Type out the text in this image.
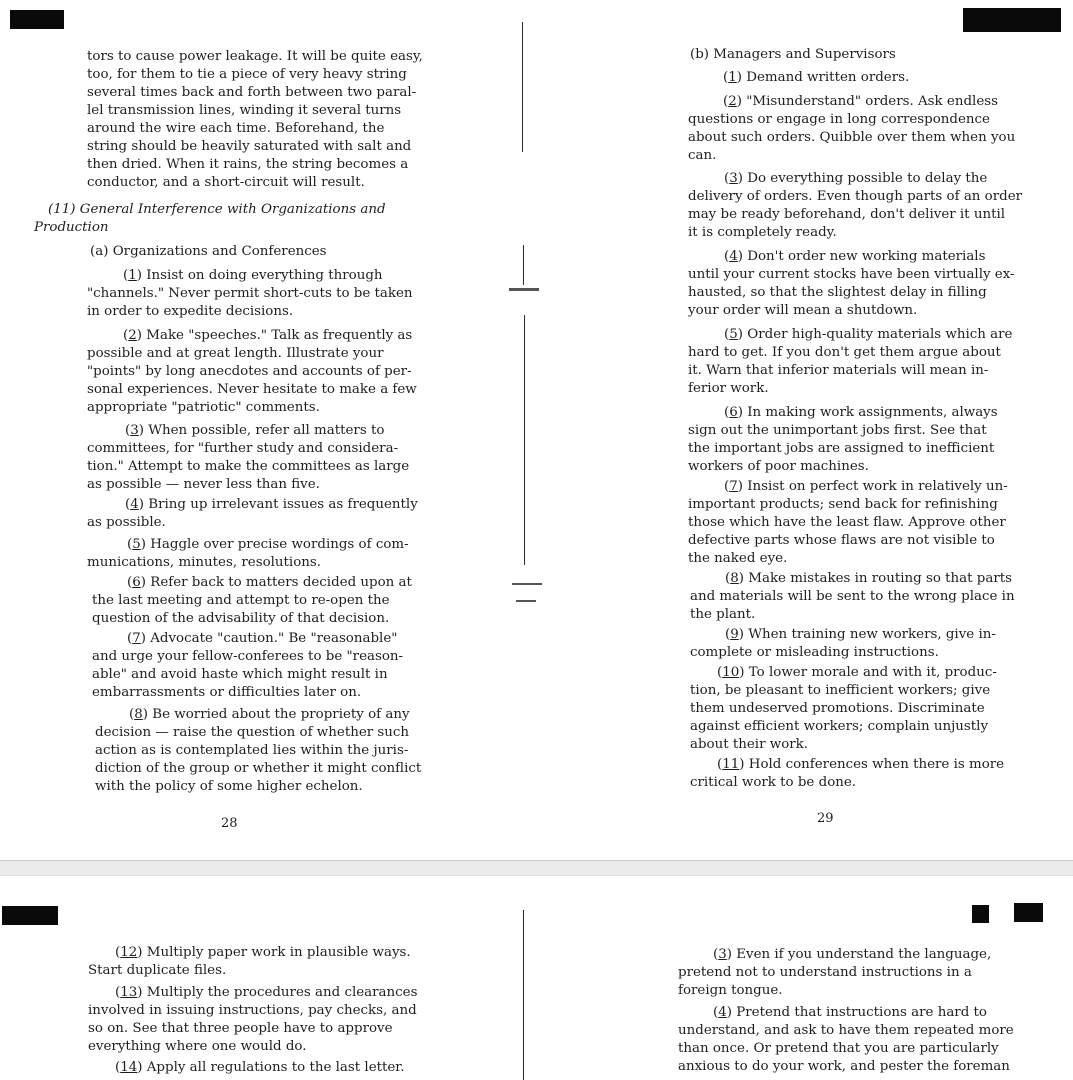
tors to cause power leakage. It will be quite easy,
too, for them to tie a piece of very heavy string
several times back and forth between two paral-
lel transmission lines, winding it several turns
around the wire each time. Beforehand, the
string should be heavily saturated with salt and
then dried. When it rains, the string becomes a
conductor, and a short-circuit will result.
(11) General Interference with Organizations and
Production
(a) Organizations and Conferences
(1) Insist on doing everything through
"channels." Never permit short-cuts to be taken
in order to expedite decisions.
(2) Make "speeches." Talk as frequently as
possible and at great length. Illustrate your
"points" by long anecdotes and accounts of per-
sonal experiences. Never hesitate to make a few
appropriate "patriotic" comments.
(3) When possible, refer all matters to
committees, for "further study and considera-
tion." Attempt to make the committees as large
as possible — never less than five.
(4) Bring up irrelevant issues as frequently
as possible.
(5) Haggle over precise wordings of com-
munications, minutes, resolutions.
(6) Refer back to matters decided upon at
the last meeting and attempt to re-open the
question of the advisability of that decision.
(7) Advocate "caution." Be "reasonable"
and urge your fellow-conferees to be "reason-
able" and avoid haste which might result in
embarrassments or difficulties later on.
(8) Be worried about the propriety of any
decision — raise the question of whether such
action as is contemplated lies within the juris-
diction of the group or whether it might conflict
with the policy of some higher echelon.
28
(b) Managers and Supervisors
(1) Demand written orders.
(2) "Misunderstand" orders. Ask endless
questions or engage in long correspondence
about such orders. Quibble over them when you
can.
(3) Do everything possible to delay the
delivery of orders. Even though parts of an order
may be ready beforehand, don't deliver it until
it is completely ready.
(4) Don't order new working materials
until your current stocks have been virtually ex-
hausted, so that the slightest delay in filling
your order will mean a shutdown.
(5) Order high-quality materials which are
hard to get. If you don't get them argue about
it. Warn that inferior materials will mean in-
ferior work.
(6) In making work assignments, always
sign out the unimportant jobs first. See that
the important jobs are assigned to inefficient
workers of poor machines.
(7) Insist on perfect work in relatively un-
important products; send back for refinishing
those which have the least flaw. Approve other
defective parts whose flaws are not visible to
the naked eye.
(8) Make mistakes in routing so that parts
and materials will be sent to the wrong place in
the plant.
(9) When training new workers, give in-
complete or misleading instructions.
(10) To lower morale and with it, produc-
tion, be pleasant to inefficient workers; give
them undeserved promotions. Discriminate
against efficient workers; complain unjustly
about their work.
(11) Hold conferences when there is more
critical work to be done.
29
(12) Multiply paper work in plausible ways.
Start duplicate files.
(13) Multiply the procedures and clearances
involved in issuing instructions, pay checks, and
so on. See that three people have to approve
everything where one would do.
(14) Apply all regulations to the last letter.
(3) Even if you understand the language,
pretend not to understand instructions in a
foreign tongue.
(4) Pretend that instructions are hard to
understand, and ask to have them repeated more
than once. Or pretend that you are particularly
anxious to do your work, and pester the foreman
